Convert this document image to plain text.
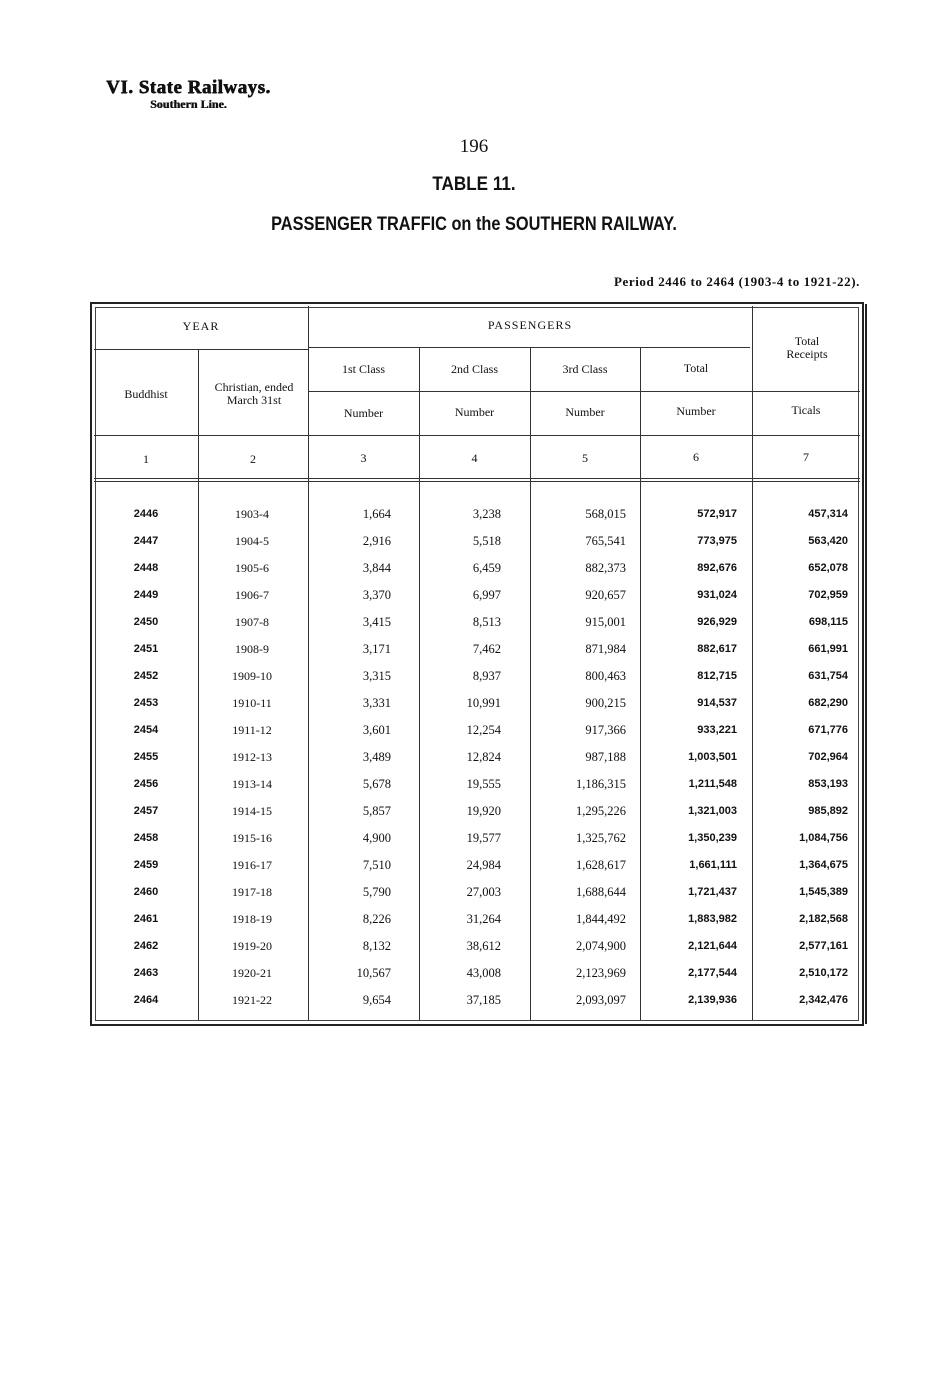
VI. State Railways.
Southern Line.
196
TABLE 11.
PASSENGER TRAFFIC on the SOUTHERN RAILWAY.
Period 2446 to 2464 (1903-4 to 1921-22).
YEAR	PASSENGERS
Buddhist	Christian, ended March 31st
1st Class	2nd Class	3rd Class	Total
Total Receipts
Number	Number	Number	Number	Ticals
1	2	3	4	5	6	7
2446	1903-4	1,664	3,238	568,015	572,917	457,314
2447	1904-5	2,916	5,518	765,541	773,975	563,420
2448	1905-6	3,844	6,459	882,373	892,676	652,078
2449	1906-7	3,370	6,997	920,657	931,024	702,959
2450	1907-8	3,415	8,513	915,001	926,929	698,115
2451	1908-9	3,171	7,462	871,984	882,617	661,991
2452	1909-10	3,315	8,937	800,463	812,715	631,754
2453	1910-11	3,331	10,991	900,215	914,537	682,290
2454	1911-12	3,601	12,254	917,366	933,221	671,776
2455	1912-13	3,489	12,824	987,188	1,003,501	702,964
2456	1913-14	5,678	19,555	1,186,315	1,211,548	853,193
2457	1914-15	5,857	19,920	1,295,226	1,321,003	985,892
2458	1915-16	4,900	19,577	1,325,762	1,350,239	1,084,756
2459	1916-17	7,510	24,984	1,628,617	1,661,111	1,364,675
2460	1917-18	5,790	27,003	1,688,644	1,721,437	1,545,389
2461	1918-19	8,226	31,264	1,844,492	1,883,982	2,182,568
2462	1919-20	8,132	38,612	2,074,900	2,121,644	2,577,161
2463	1920-21	10,567	43,008	2,123,969	2,177,544	2,510,172
2464	1921-22	9,654	37,185	2,093,097	2,139,936	2,342,476
